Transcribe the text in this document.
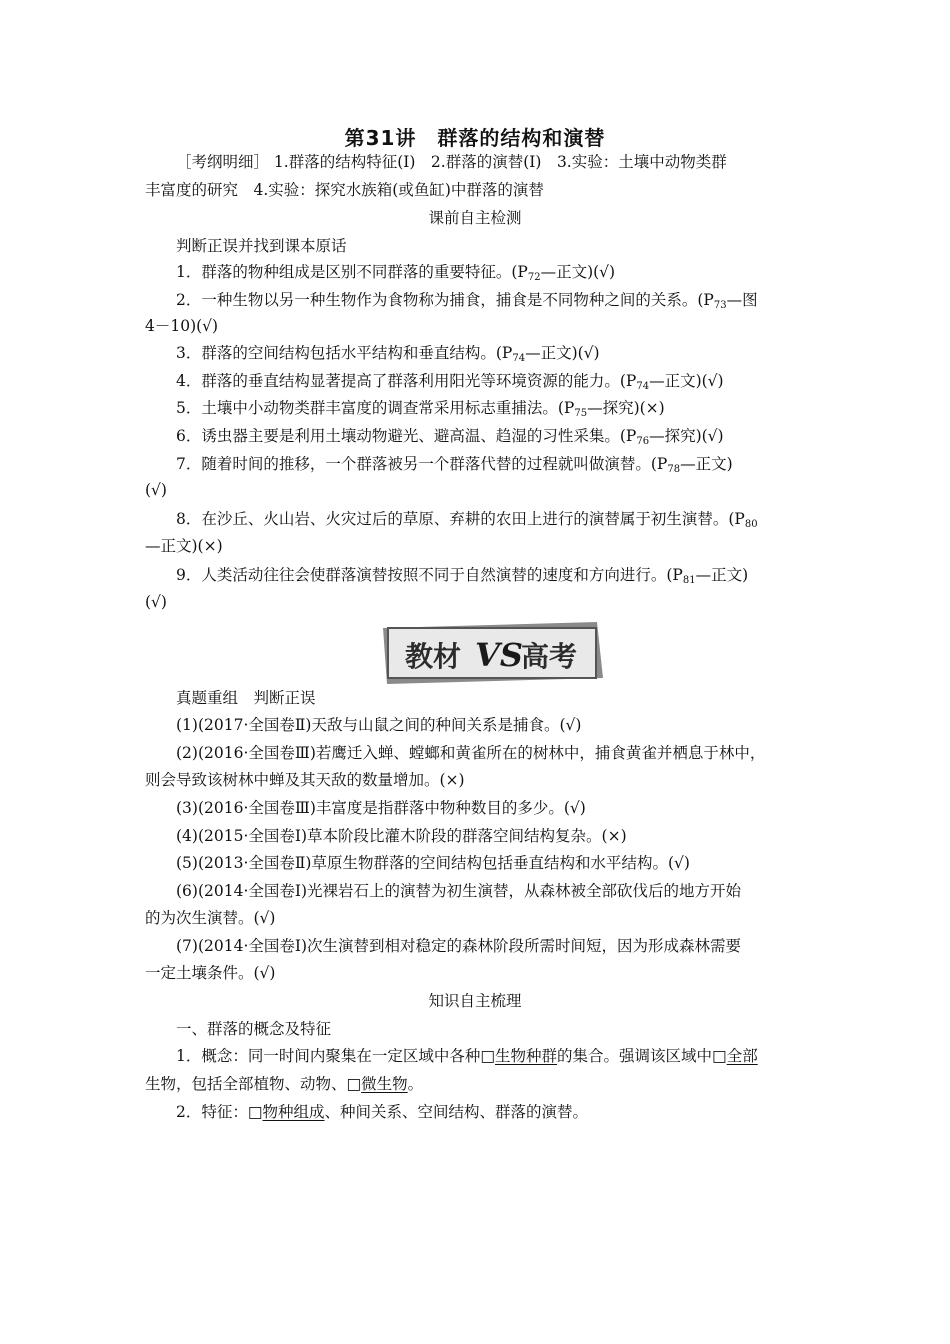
第31讲　群落的结构和演替
［考纲明细］ 1.群落的结构特征(Ⅰ)　2.群落的演替(Ⅰ)　3.实验：土壤中动物类群
丰富度的研究　4.实验：探究水族箱(或鱼缸)中群落的演替
课前自主检测
判断正误并找到课本原话
1．群落的物种组成是区别不同群落的重要特征。($P_{72}—$正文)(√)
2．一种生物以另一种生物作为食物称为捕食，捕食是不同物种之间的关系。($P_{73}—$图
4－10)(√)
3．群落的空间结构包括水平结构和垂直结构。($P_{74}—$正文)(√)
4．群落的垂直结构显著提高了群落利用阳光等环境资源的能力。($P_{74}—$正文)(√)
5．土壤中小动物类群丰富度的调查常采用标志重捕法。($P_{75}—$探究)(×)
6．诱虫器主要是利用土壤动物避光、避高温、趋湿的习性采集。($P_{76}—$探究)(√)
7．随着时间的推移，一个群落被另一个群落代替的过程就叫做演替。($P_{78}—$正文)
(√)
8．在沙丘、火山岩、火灾过后的草原、弃耕的农田上进行的演替属于初生演替。($P_{80}$
—正文)(×)
9．人类活动往往会使群落演替按照不同于自然演替的速度和方向进行。($P_{81}—$正文)
(√)
教材 VS
高考
真题重组　判断正误
(1)(2017·全国卷Ⅱ)天敌与山鼠之间的种间关系是捕食。(√)
(2)(2016·全国卷Ⅲ)若鹰迁入蝉、螳螂和黄雀所在的树林中，捕食黄雀并栖息于林中，
则会导致该树林中蝉及其天敌的数量增加。(×)
(3)(2016·全国卷Ⅲ)丰富度是指群落中物种数目的多少。(√)
(4)(2015·全国卷Ⅰ)草本阶段比灌木阶段的群落空间结构复杂。(×)
(5)(2013·全国卷Ⅱ)草原生物群落的空间结构包括垂直结构和水平结构。(√)
(6)(2014·全国卷Ⅰ)光裸岩石上的演替为初生演替，从森林被全部砍伐后的地方开始
的为次生演替。(√)
(7)(2014·全国卷Ⅰ)次生演替到相对稳定的森林阶段所需时间短，因为形成森林需要
一定土壤条件。(√)
知识自主梳理
一、群落的概念及特征
1．概念：同一时间内聚集在一定区域中各种□生物种群的集合。强调该区域中□全部
生物，包括全部植物、动物、□微生物。
2．特征：□物种组成、种间关系、空间结构、群落的演替。
